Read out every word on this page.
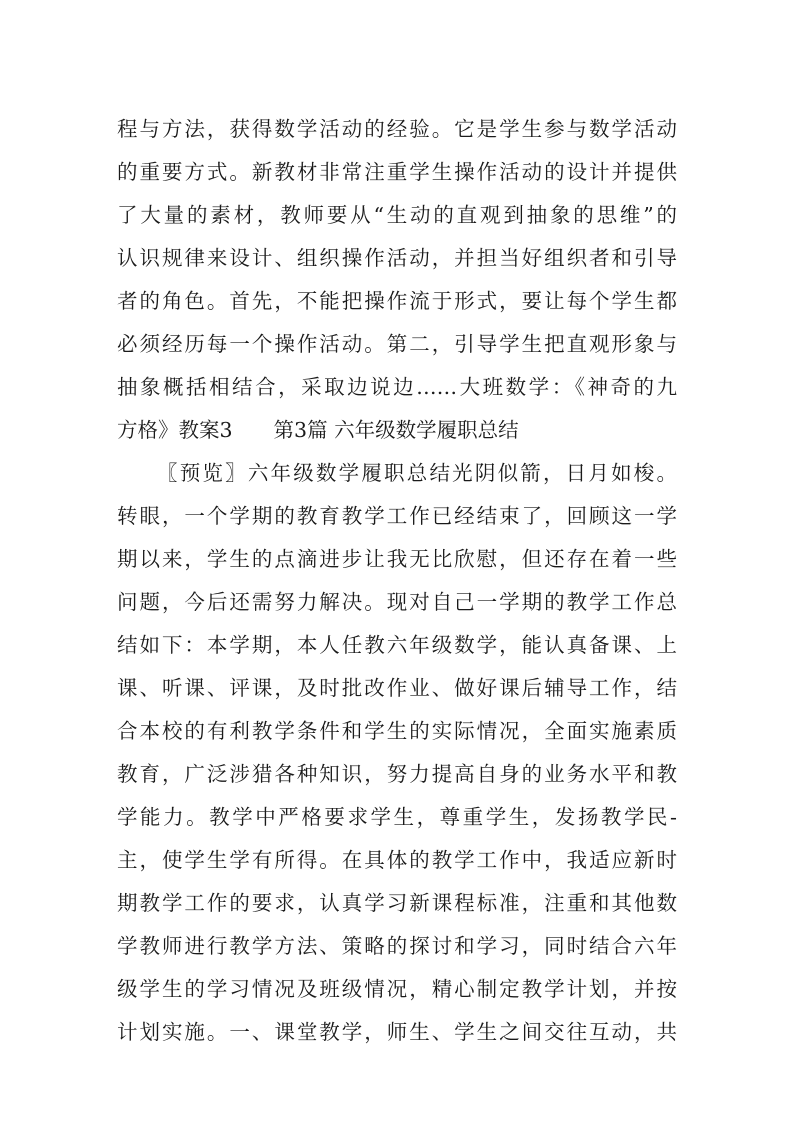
程与方法，获得数学活动的经验。它是学生参与数学活动
的重要方式。新教材非常注重学生操作活动的设计并提供
了大量的素材，教师要从“生动的直观到抽象的思维”的
认识规律来设计、组织操作活动，并担当好组织者和引导
者的角色。首先，不能把操作流于形式，要让每个学生都
必须经历每一个操作活动。第二，引导学生把直观形象与
抽象概括相结合，采取边说边……大班数学：《神奇的九
方格》教案3　　第3篇 六年级数学履职总结
〖预览〗六年级数学履职总结光阴似箭，日月如梭。
转眼，一个学期的教育教学工作已经结束了，回顾这一学
期以来，学生的点滴进步让我无比欣慰，但还存在着一些
问题，今后还需努力解决。现对自己一学期的教学工作总
结如下：本学期，本人任教六年级数学，能认真备课、上
课、听课、评课，及时批改作业、做好课后辅导工作，结
合本校的有利教学条件和学生的实际情况，全面实施素质
教育，广泛涉猎各种知识，努力提高自身的业务水平和教
学能力。教学中严格要求学生，尊重学生，发扬教学民-
主，使学生学有所得。在具体的教学工作中，我适应新时
期教学工作的要求，认真学习新课程标准，注重和其他数
学教师进行教学方法、策略的探讨和学习，同时结合六年
级学生的学习情况及班级情况，精心制定教学计划，并按
计划实施。一、课堂教学，师生、学生之间交往互动，共
